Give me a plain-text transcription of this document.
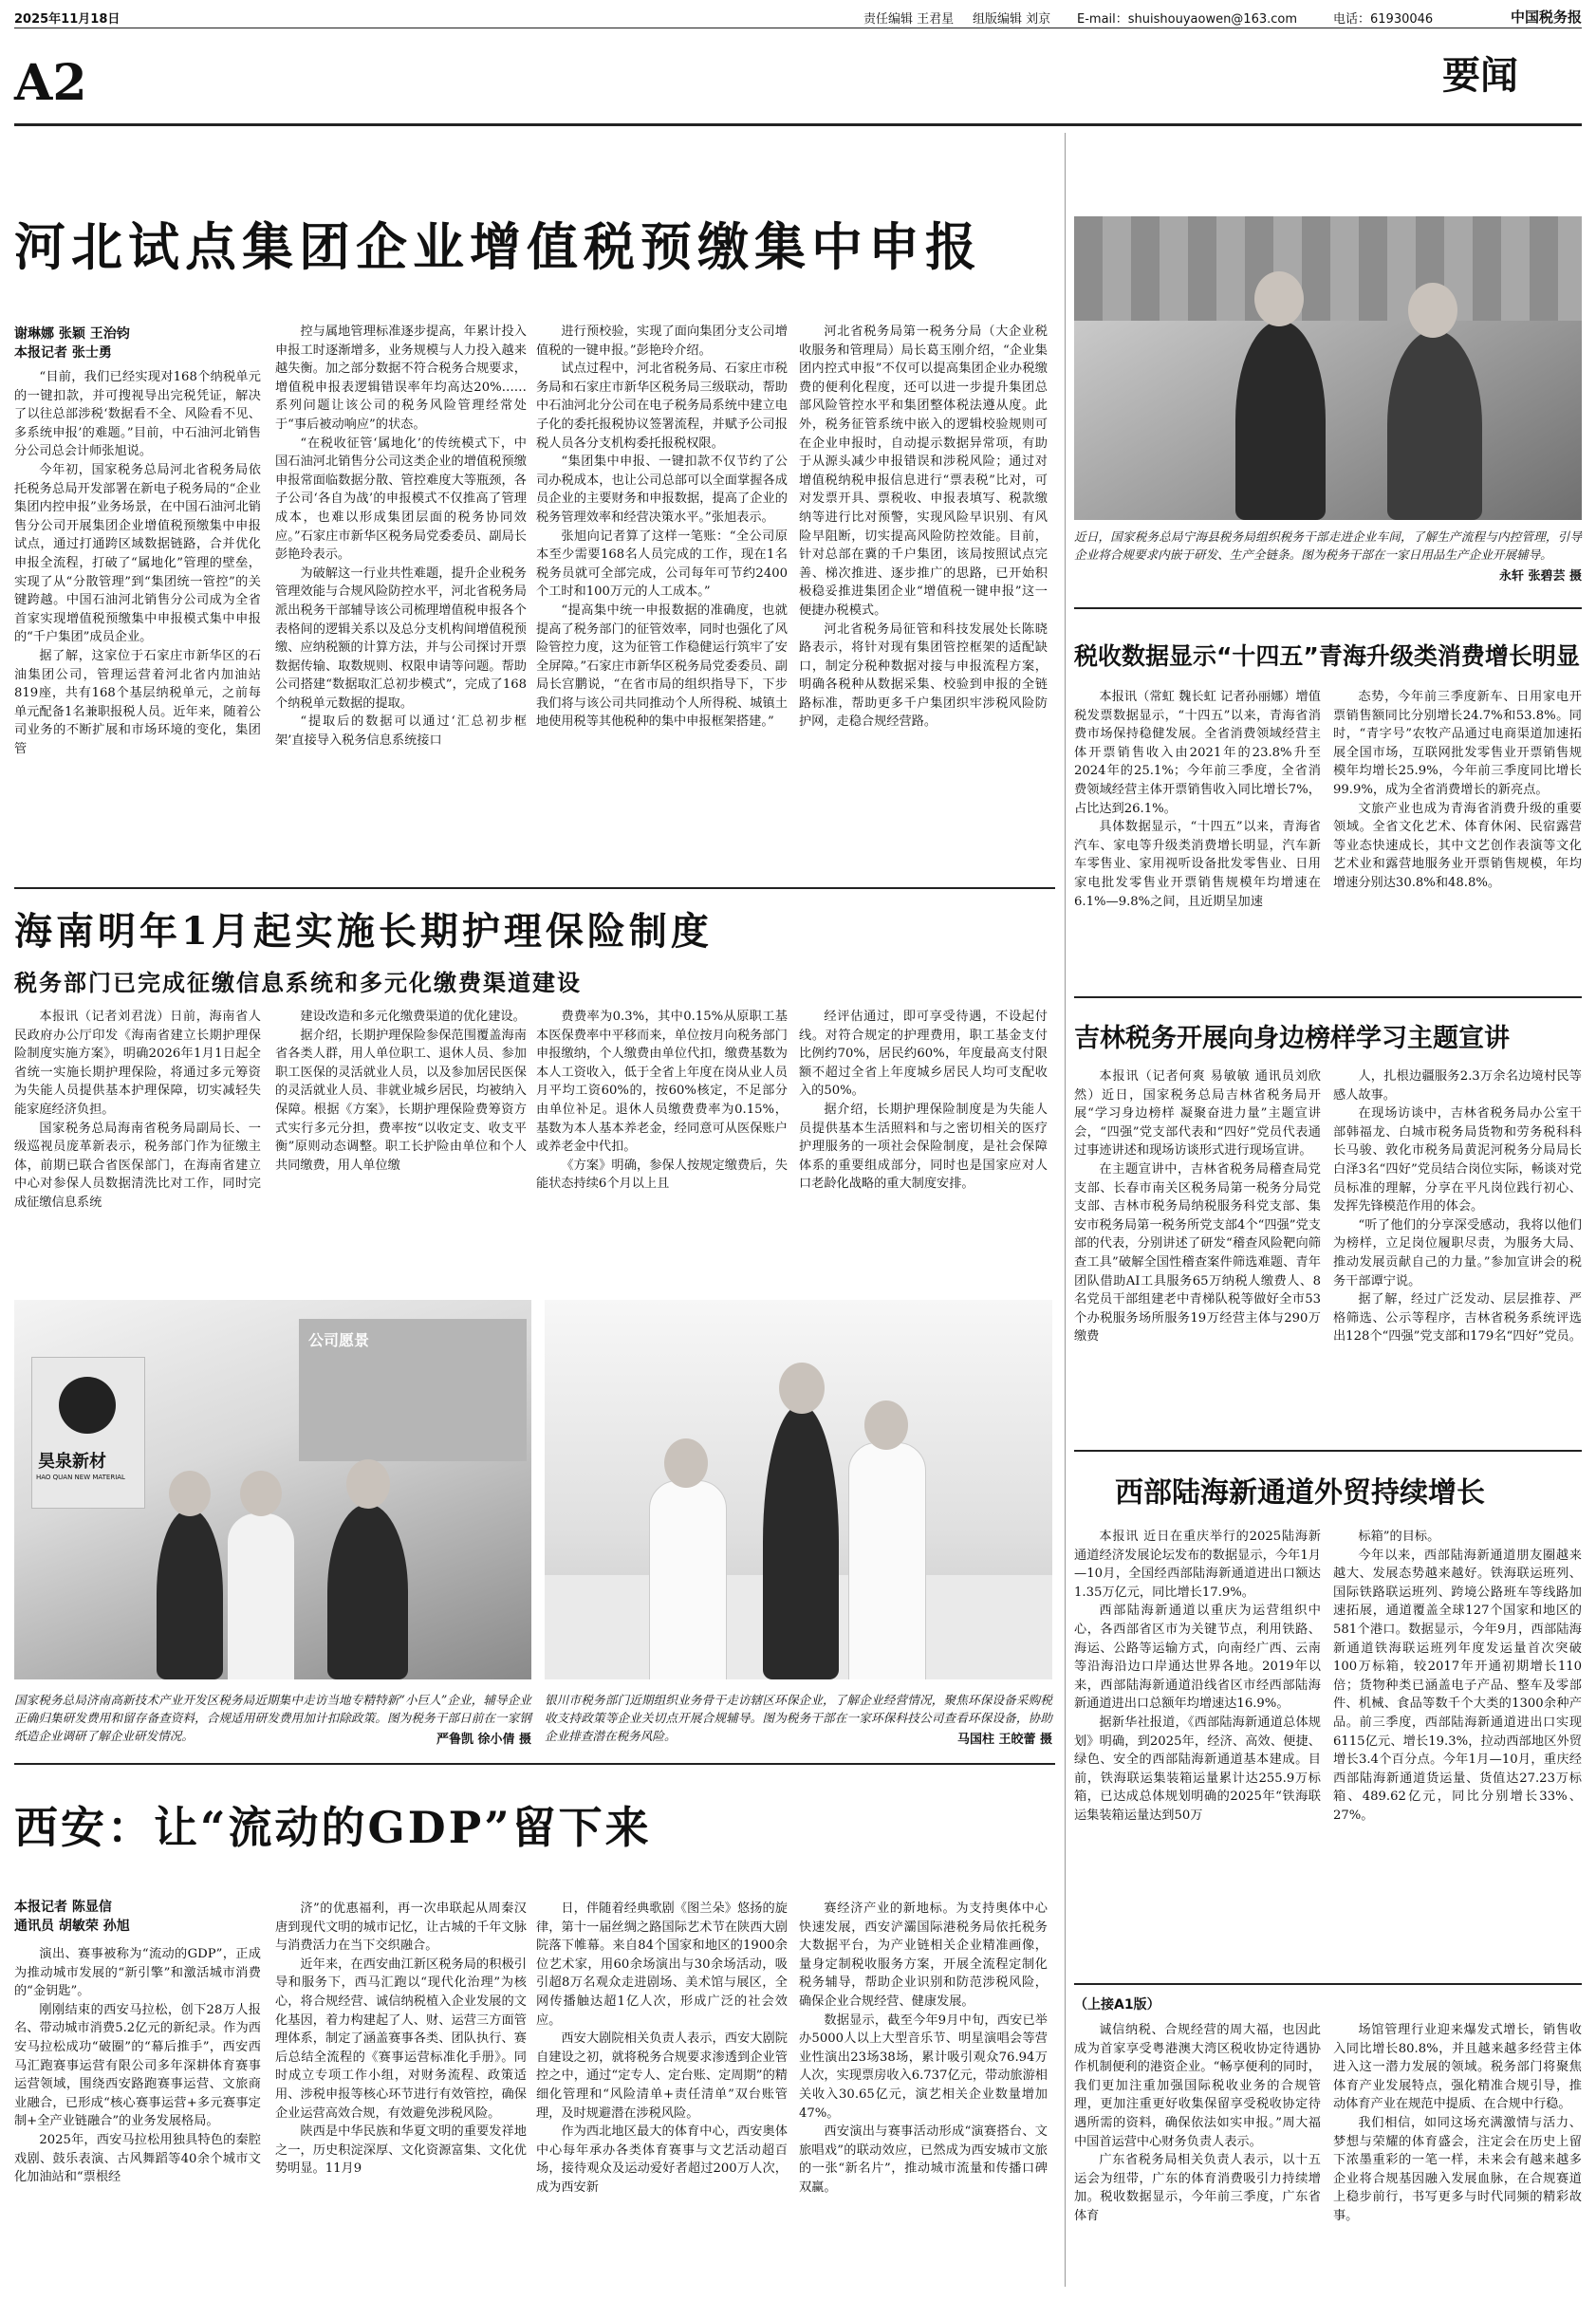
2025年11月18日	责任编辑 王君星 组版编辑 刘京 E-mail：shuishouyaowen@163.com	电话：61930046	中国税务报
A2	要闻
河北试点集团企业增值税预缴集中申报
谢琳娜 张颖 王治钧
本报记者 张士勇

“目前，我们已经实现对168个纳税单元的一键扣款，并可搜视导出完税凭证，解决了以往总部涉税‘数据看不全、风险看不见、多系统申报’的难题。”目前，中石油河北销售分公司总会计师张旭说。

今年初，国家税务总局河北省税务局依托税务总局开发部署在新电子税务局的“企业集团内控申报”业务场景，在中国石油河北销售分公司开展集团企业增值税预缴集中申报试点，通过打通跨区域数据链路，合并优化申报全流程，打破了“属地化”管理的壁垒，实现了从“分散管理”到“集团统一管控”的关键跨越。中国石油河北销售分公司成为全省首家实现增值税预缴集中申报模式集中申报的“千户集团”成员企业。

据了解，这家位于石家庄市新华区的石油集团公司，管理运营着河北省内加油站819座，共有168个基层纳税单元，之前每单元配备1名兼职报税人员。近年来，随着公司业务的不断扩展和市场环境的变化，集团管

控与属地管理标准逐步提高，年累计投入申报工时逐渐增多，业务规模与人力投入越来越失衡。加之部分数据不符合税务合规要求，增值税申报表逻辑错误率年均高达20%……系列问题让该公司的税务风险管理经常处于“事后被动响应”的状态。

“在税收征管‘属地化’的传统模式下，中国石油河北销售分公司这类企业的增值税预缴申报常面临数据分散、管控难度大等瓶颈，各子公司‘各自为战’的申报模式不仅推高了管理成本，也难以形成集团层面的税务协同效应。”石家庄市新华区税务局党委委员、副局长彭艳玲表示。

为破解这一行业共性难题，提升企业税务管理效能与合规风险防控水平，河北省税务局派出税务干部辅导该公司梳理增值税申报各个表格间的逻辑关系以及总分支机构间增值税预缴、应纳税额的计算方法，并与公司探讨开票数据传输、取数规则、权限申请等问题。帮助公司搭建“数据取汇总初步模式”，完成了168个纳税单元数据的提取。

“提取后的数据可以通过‘汇总初步框架’直接导入税务信息系统接口

进行预校验，实现了面向集团分支公司增值税的一键申报。”彭艳玲介绍。

试点过程中，河北省税务局、石家庄市税务局和石家庄市新华区税务局三级联动，帮助中石油河北分公司在电子税务局系统中建立电子化的委托报税协议签署流程，并赋予公司报税人员各分支机构委托报税权限。

“集团集中申报、一键扣款不仅节约了公司办税成本，也让公司总部可以全面掌握各成员企业的主要财务和申报数据，提高了企业的税务管理效率和经营决策水平。”张旭表示。

张旭向记者算了这样一笔账：“全公司原本至少需要168名人员完成的工作，现在1名税务员就可全部完成，公司每年可节约2400个工时和100万元的人工成本。”

“提高集中统一申报数据的准确度，也就提高了税务部门的征管效率，同时也强化了风险管控力度，这为征管工作稳健运行筑牢了安全屏障。”石家庄市新华区税务局党委委员、副局长宫鹏说，“在省市局的组织指导下，下步我们将与该公司共同推动个人所得税、城镇土地使用税等其他税种的集中申报框架搭建。”

河北省税务局第一税务分局（大企业税收服务和管理局）局长葛玉刚介绍，“企业集团内控式申报”不仅可以提高集团企业办税缴费的便利化程度，还可以进一步提升集团总部风险管控水平和集团整体税法遵从度。此外，税务征管系统中嵌入的逻辑校验规则可在企业申报时，自动提示数据异常项，有助于从源头减少申报错误和涉税风险；通过对增值税纳税申报信息进行“票表税”比对，可对发票开具、票税收、申报表填写、税款缴纳等进行比对预警，实现风险早识别、有风险早阻断，切实提高风险防控效能。目前，针对总部在冀的千户集团，该局按照试点完善、梯次推进、逐步推广的思路，已开始积极稳妥推进集团企业“增值税一键申报”这一便捷办税模式。

河北省税务局征管和科技发展处长陈晓路表示，将针对现有集团管控框架的适配缺口，制定分税种数据对接与申报流程方案，明确各税种从数据采集、校验到申报的全链路标准，帮助更多千户集团织牢涉税风险防护网，走稳合规经营路。

海南明年1月起实施长期护理保险制度
税务部门已完成征缴信息系统和多元化缴费渠道建设

本报讯（记者刘君泷）日前，海南省人民政府办公厅印发《海南省建立长期护理保险制度实施方案》，明确2026年1月1日起全省统一实施长期护理保险，将通过多元筹资为失能人员提供基本护理保障，切实减轻失能家庭经济负担。

国家税务总局海南省税务局副局长、一级巡视员庞革新表示，税务部门作为征缴主体，前期已联合省医保部门，在海南省建立中心对参保人员数据清洗比对工作，同时完成征缴信息系统

建设改造和多元化缴费渠道的优化建设。

据介绍，长期护理保险参保范围覆盖海南省各类人群，用人单位职工、退休人员、参加职工医保的灵活就业人员，以及参加居民医保的灵活就业人员、非就业城乡居民，均被纳入保障。根据《方案》，长期护理保险费筹资方式实行多元分担，费率按“以收定支、收支平衡”原则动态调整。职工长护险由单位和个人共同缴费，用人单位缴

费费率为0.3%，其中0.15%从原职工基本医保费率中平移而来，单位按月向税务部门申报缴纳，个人缴费由单位代扣，缴费基数为本人工资收入，低于全省上年度在岗从业人员月平均工资60%的，按60%核定，不足部分由单位补足。退休人员缴费费率为0.15%，基数为本人基本养老金，经同意可从医保账户或养老金中代扣。

《方案》明确，参保人按规定缴费后，失能状态持续6个月以上且

经评估通过，即可享受待遇，不设起付线。对符合规定的护理费用，职工基金支付比例约70%，居民约60%，年度最高支付限额不超过全省上年度城乡居民人均可支配收入的50%。

据介绍，长期护理保险制度是为失能人员提供基本生活照料和与之密切相关的医疗护理服务的一项社会保险制度，是社会保障体系的重要组成部分，同时也是国家应对人口老龄化战略的重大制度安排。

昊泉新材
HAO QUAN NEW MATERIAL
公司愿景
国家税务总局济南高新技术产业开发区税务局近期集中走访当地专精特新“小巨人”企业，辅导企业正确归集研发费用和留存备查资料，合规适用研发费用加计扣除政策。图为税务干部日前在一家钢纸造企业调研了解企业研发情况。	严鲁凯 徐小倩 摄
银川市税务部门近期组织业务骨干走访辖区环保企业，了解企业经营情况，聚焦环保设备采购税收支持政策等企业关切点开展合规辅导。图为税务干部在一家环保科技公司查看环保设备，协助企业排查潜在税务风险。	马国柱 王皎蕾 摄
西安：让“流动的GDP”留下来
本报记者 陈显信
通讯员 胡敏荣 孙旭

演出、赛事被称为“流动的GDP”，正成为推动城市发展的“新引擎”和激活城市消费的“金钥匙”。

刚刚结束的西安马拉松，创下28万人报名、带动城市消费5.2亿元的新纪录。作为西安马拉松成功“破圈”的“幕后推手”，西安西马汇跑赛事运营有限公司多年深耕体育赛事运营领域，围绕西安路跑赛事运营、文旅商业融合，已形成“核心赛事运营+多元赛事定制+全产业链融合”的业务发展格局。

2025年，西安马拉松用独具特色的秦腔戏剧、鼓乐表演、古风舞蹈等40余个城市文化加油站和“票根经

济”的优惠福利，再一次串联起从周秦汉唐到现代文明的城市记忆，让古城的千年文脉与消费活力在当下交织融合。

近年来，在西安曲江新区税务局的积极引导和服务下，西马汇跑以“现代化治理”为核心，将合规经营、诚信纳税植入企业发展的文化基因，着力构建起了人、财、运营三方面管理体系，制定了涵盖赛事各类、团队执行、赛后总结全流程的《赛事运营标准化手册》。同时成立专项工作小组，对财务流程、政策适用、涉税申报等核心环节进行有效管控，确保企业运营高效合规，有效避免涉税风险。

陕西是中华民族和华夏文明的重要发祥地之一，历史积淀深厚、文化资源富集、文化优势明显。11月9

日，伴随着经典歌剧《图兰朵》悠扬的旋律，第十一届丝绸之路国际艺术节在陕西大剧院落下帷幕。来自84个国家和地区的1900余位艺术家，用60余场演出与30余场活动，吸引超8万名观众走进剧场、美术馆与展区，全网传播触达超1亿人次，形成广泛的社会效应。

西安大剧院相关负责人表示，西安大剧院自建设之初，就将税务合规要求渗透到企业管控之中，通过“定专人、定台账、定周期”的精细化管理和“风险清单+责任清单”双台账管理，及时规避潜在涉税风险。

作为西北地区最大的体育中心，西安奥体中心每年承办各类体育赛事与文艺活动超百场，接待观众及运动爱好者超过200万人次，成为西安新

赛经济产业的新地标。为支持奥体中心快速发展，西安浐灞国际港税务局依托税务大数据平台，为产业链相关企业精准画像，量身定制税收服务方案，开展全流程定制化税务辅导，帮助企业识别和防范涉税风险，确保企业合规经营、健康发展。

数据显示，截至今年9月中旬，西安已举办5000人以上大型音乐节、明星演唱会等营业性演出23场38场，累计吸引观众76.94万人次，实现票房收入6.737亿元，带动旅游相关收入30.65亿元，演艺相关企业数量增加47%。

西安演出与赛事活动形成“演赛搭台、文旅唱戏”的联动效应，已然成为西安城市文旅的一张“新名片”，推动城市流量和传播口碑双赢。

近日，国家税务总局宁海县税务局组织税务干部走进企业车间，了解生产流程与内控管理，引导企业将合规要求内嵌于研发、生产全链条。图为税务干部在一家日用品生产企业开展辅导。
永轩 张碧芸 摄
税收数据显示“十四五”青海升级类消费增长明显

本报讯（常虹 魏长虹 记者孙丽娜）增值税发票数据显示，“十四五”以来，青海省消费市场保持稳健发展。全省消费领域经营主体开票销售收入由2021年的23.8%升至2024年的25.1%；今年前三季度，全省消费领域经营主体开票销售收入同比增长7%，占比达到26.1%。

具体数据显示，“十四五”以来，青海省汽车、家电等升级类消费增长明显，汽车新车零售业、家用视听设备批发零售业、日用家电批发零售业开票销售规模年均增速在6.1%—9.8%之间，且近期呈加速

态势，今年前三季度新车、日用家电开票销售额同比分别增长24.7%和53.8%。同时，“青字号”农牧产品通过电商渠道加速拓展全国市场，互联网批发零售业开票销售规模年均增长25.9%，今年前三季度同比增长99.9%，成为全省消费增长的新亮点。

文旅产业也成为青海省消费升级的重要领域。全省文化艺术、体育休闲、民宿露营等业态快速成长，其中文艺创作表演等文化艺术业和露营地服务业开票销售规模，年均增速分别达30.8%和48.8%。

吉林税务开展向身边榜样学习主题宣讲

本报讯（记者何爽 易敏敏 通讯员刘欣然）近日，国家税务总局吉林省税务局开展“学习身边榜样 凝聚奋进力量”主题宣讲会，“四强”党支部代表和“四好”党员代表通过事迹讲述和现场访谈形式进行现场宣讲。

在主题宣讲中，吉林省税务局稽查局党支部、长春市南关区税务局第一税务分局党支部、吉林市税务局纳税服务科党支部、集安市税务局第一税务所党支部4个“四强”党支部的代表，分别讲述了研发“稽查风险靶向筛查工具”破解全国性稽查案件筛选难题、青年团队借助AI工具服务65万纳税人缴费人、8名党员干部组建老中青梯队税等做好全市53个办税服务场所服务19万经营主体与290万缴费

人，扎根边疆服务2.3万余名边境村民等感人故事。

在现场访谈中，吉林省税务局办公室干部韩福龙、白城市税务局货物和劳务税科科长马骏、敦化市税务局黄泥河税务分局局长白泽3名“四好”党员结合岗位实际，畅谈对党员标准的理解，分享在平凡岗位践行初心、发挥先锋模范作用的体会。

“听了他们的分享深受感动，我将以他们为榜样，立足岗位履职尽责，为服务大局、推动发展贡献自己的力量。”参加宣讲会的税务干部谭宁说。

据了解，经过广泛发动、层层推荐、严格筛选、公示等程序，吉林省税务系统评选出128个“四强”党支部和179名“四好”党员。

西部陆海新通道外贸持续增长

本报讯 近日在重庆举行的2025陆海新通道经济发展论坛发布的数据显示，今年1月—10月，全国经西部陆海新通道进出口额达1.35万亿元，同比增长17.9%。

西部陆海新通道以重庆为运营组织中心，各西部省区市为关键节点，利用铁路、海运、公路等运输方式，向南经广西、云南等沿海沿边口岸通达世界各地。2019年以来，西部陆海新通道沿线省区市经西部陆海新通道进出口总额年均增速达16.9%。

据新华社报道，《西部陆海新通道总体规划》明确，到2025年，经济、高效、便捷、绿色、安全的西部陆海新通道基本建成。目前，铁海联运集装箱运量累计达255.9万标箱，已达成总体规划明确的2025年“铁海联运集装箱运量达到50万

标箱”的目标。

今年以来，西部陆海新通道朋友圈越来越大、发展态势越来越好。铁海联运班列、国际铁路联运班列、跨境公路班车等线路加速拓展，通道覆盖全球127个国家和地区的581个港口。数据显示，今年9月，西部陆海新通道铁海联运班列年度发运量首次突破100万标箱，较2017年开通初期增长110倍；货物种类已涵盖电子产品、整车及零部件、机械、食品等数千个大类的1300余种产品。前三季度，西部陆海新通道进出口实现6115亿元、增长19.3%，拉动西部地区外贸增长3.4个百分点。今年1月—10月，重庆经西部陆海新通道货运量、货值达27.23万标箱、489.62亿元，同比分别增长33%、27%。

（上接A1版）

诚信纳税、合规经营的周大福，也因此成为首家享受粤港澳大湾区税收协定待遇协作机制便利的港资企业。“畅享便利的同时，我们更加注重加强国际税收业务的合规管理，更加注重更好收集保留享受税收协定待遇所需的资料，确保依法如实申报。”周大福中国首运营中心财务负责人表示。

广东省税务局相关负责人表示，以十五运会为纽带，广东的体育消费吸引力持续增加。税收数据显示，今年前三季度，广东省体育

场馆管理行业迎来爆发式增长，销售收入同比增长80.8%，并且越来越多经营主体进入这一潜力发展的领域。税务部门将聚焦体育产业发展特点，强化精准合规引导，推动体育产业在规范中提质、在合规中行稳。

我们相信，如同这场充满激情与活力、梦想与荣耀的体育盛会，注定会在历史上留下浓墨重彩的一笔一样，未来会有越来越多企业将合规基因融入发展血脉，在合规赛道上稳步前行，书写更多与时代同频的精彩故事。
